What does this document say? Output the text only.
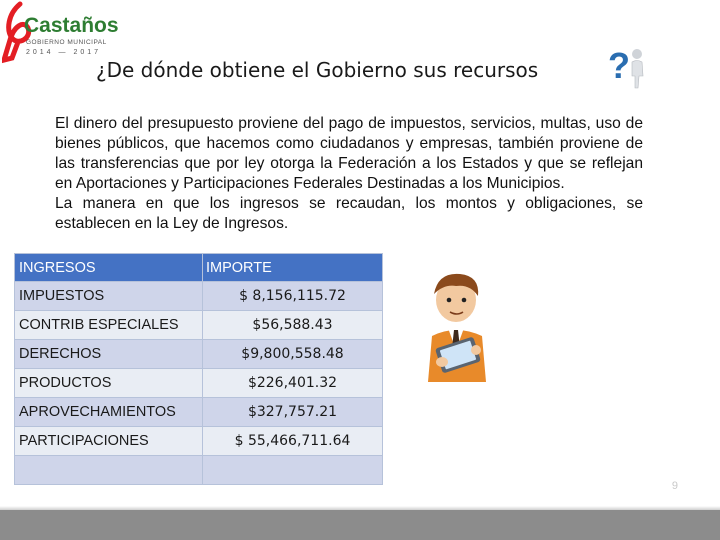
Castaños
GOBIERNO MUNICIPAL
2014 — 2017
¿De dónde obtiene el Gobierno sus recursos ?

El dinero del presupuesto proviene del pago de impuestos, servicios, multas, uso de bienes públicos, que hacemos como ciudadanos y empresas, también proviene de las transferencias que por ley otorga la Federación a los Estados y que se reflejan en Aportaciones y Participaciones Federales Destinadas a los Municipios.

La manera en que los ingresos se recaudan, los montos y obligaciones, se establecen en la Ley de Ingresos.

INGRESOS	IMPORTE
IMPUESTOS	$ 8,156,115.72
CONTRIB ESPECIALES	$56,588.43
DERECHOS	$9,800,558.48
PRODUCTOS	$226,401.32
APROVECHAMIENTOS	$327,757.21
PARTICIPACIONES	$ 55,466,711.64

9
